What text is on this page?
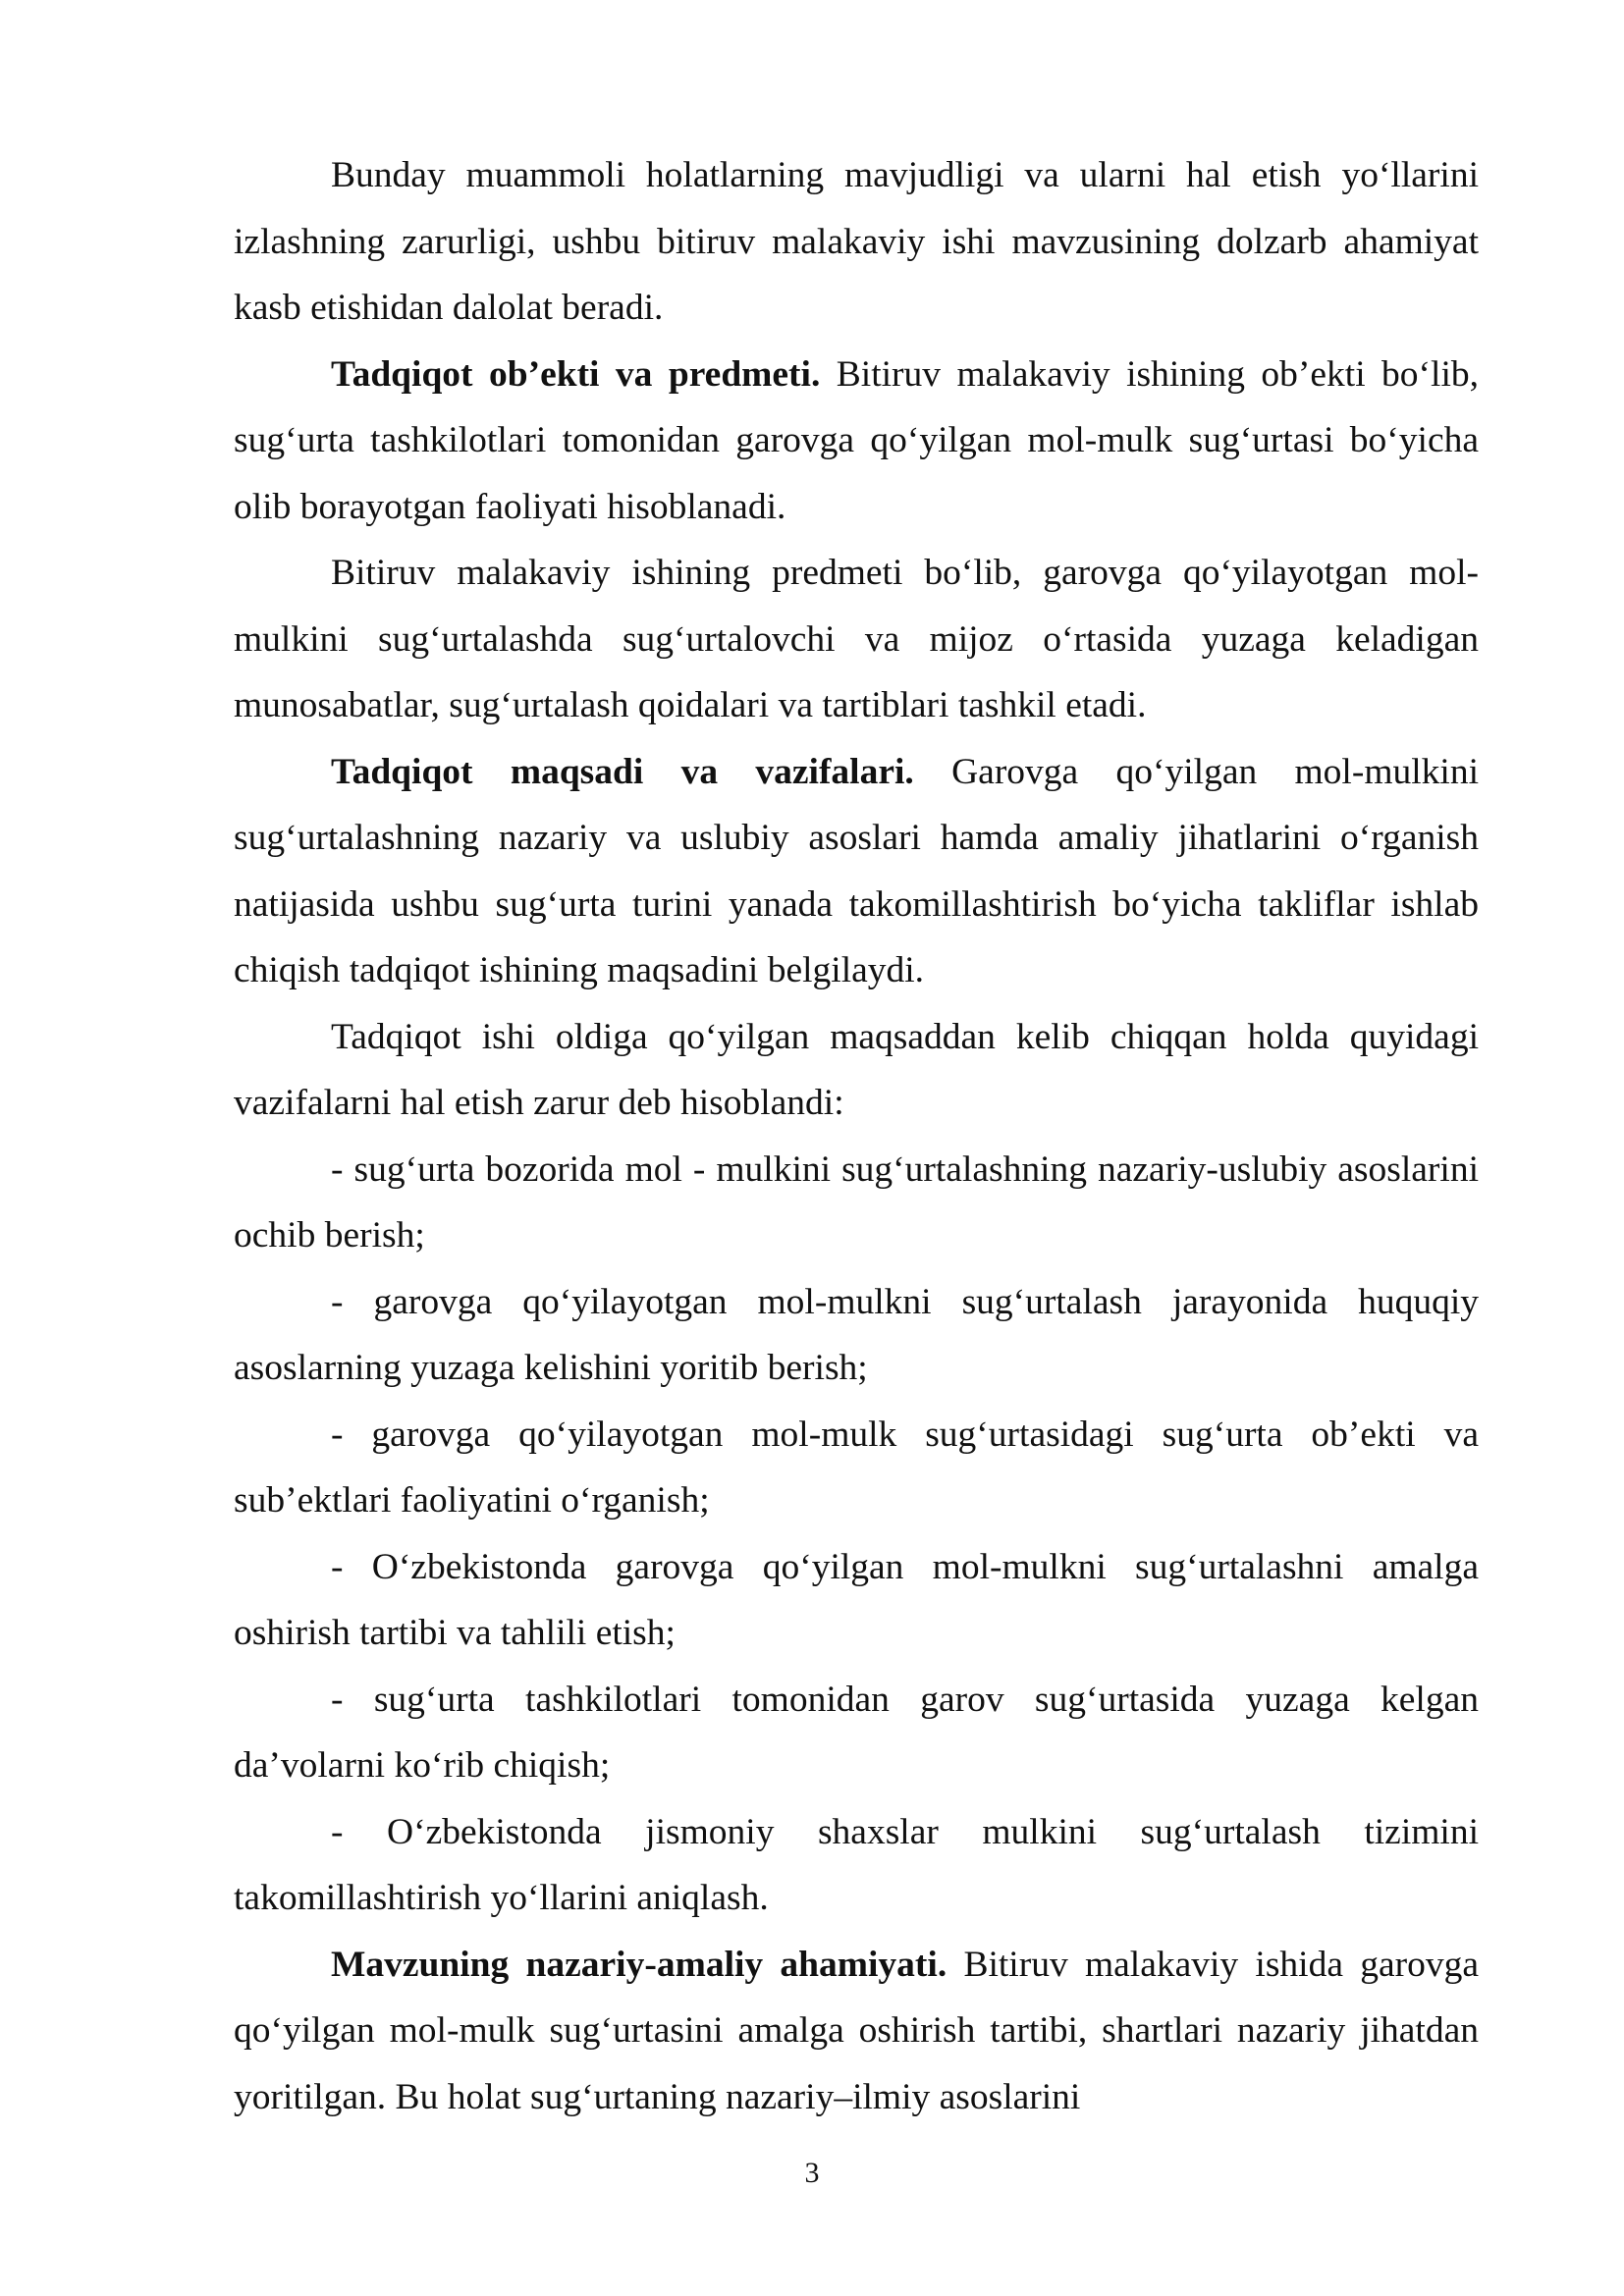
Bunday muammoli holatlarning mavjudligi va ularni hal etish yo‘llarini izlashning zarurligi, ushbu bitiruv malakaviy ishi mavzusining dolzarb ahamiyat kasb etishidan dalolat beradi.

Tadqiqot ob’ekti va predmeti. Bitiruv malakaviy ishining ob’ekti bo‘lib, sug‘urta tashkilotlari tomonidan garovga qo‘yilgan mol-mulk sug‘urtasi bo‘yicha olib borayotgan faoliyati hisoblanadi.

Bitiruv malakaviy ishining predmeti bo‘lib, garovga qo‘yilayotgan mol-mulkini sug‘urtalashda sug‘urtalovchi va mijoz o‘rtasida yuzaga keladigan munosabatlar, sug‘urtalash qoidalari va tartiblari tashkil etadi.

Tadqiqot maqsadi va vazifalari. Garovga qo‘yilgan mol-mulkini sug‘urtalashning nazariy va uslubiy asoslari hamda amaliy jihatlarini o‘rganish natijasida ushbu sug‘urta turini yanada takomillashtirish bo‘yicha takliflar ishlab chiqish tadqiqot ishining maqsadini belgilaydi.

Tadqiqot ishi oldiga qo‘yilgan maqsaddan kelib chiqqan holda quyidagi vazifalarni hal etish zarur deb hisoblandi:

- sug‘urta bozorida mol - mulkini sug‘urtalashning nazariy-uslubiy asoslarini ochib berish;

- garovga qo‘yilayotgan mol-mulkni sug‘urtalash jarayonida huquqiy asoslarning yuzaga kelishini yoritib berish;

- garovga qo‘yilayotgan mol-mulk sug‘urtasidagi sug‘urta ob’ekti va sub’ektlari faoliyatini o‘rganish;

- O‘zbekistonda garovga qo‘yilgan mol-mulkni sug‘urtalashni amalga oshirish tartibi va tahlili etish;

- sug‘urta tashkilotlari tomonidan garov sug‘urtasida yuzaga kelgan da’volarni ko‘rib chiqish;

- O‘zbekistonda jismoniy shaxslar mulkini sug‘urtalash tizimini takomillashtirish yo‘llarini aniqlash.

Mavzuning nazariy-amaliy ahamiyati. Bitiruv malakaviy ishida garovga qo‘yilgan mol-mulk sug‘urtasini amalga oshirish tartibi, shartlari nazariy jihatdan yoritilgan. Bu holat sug‘urtaning nazariy–ilmiy asoslarini

3
